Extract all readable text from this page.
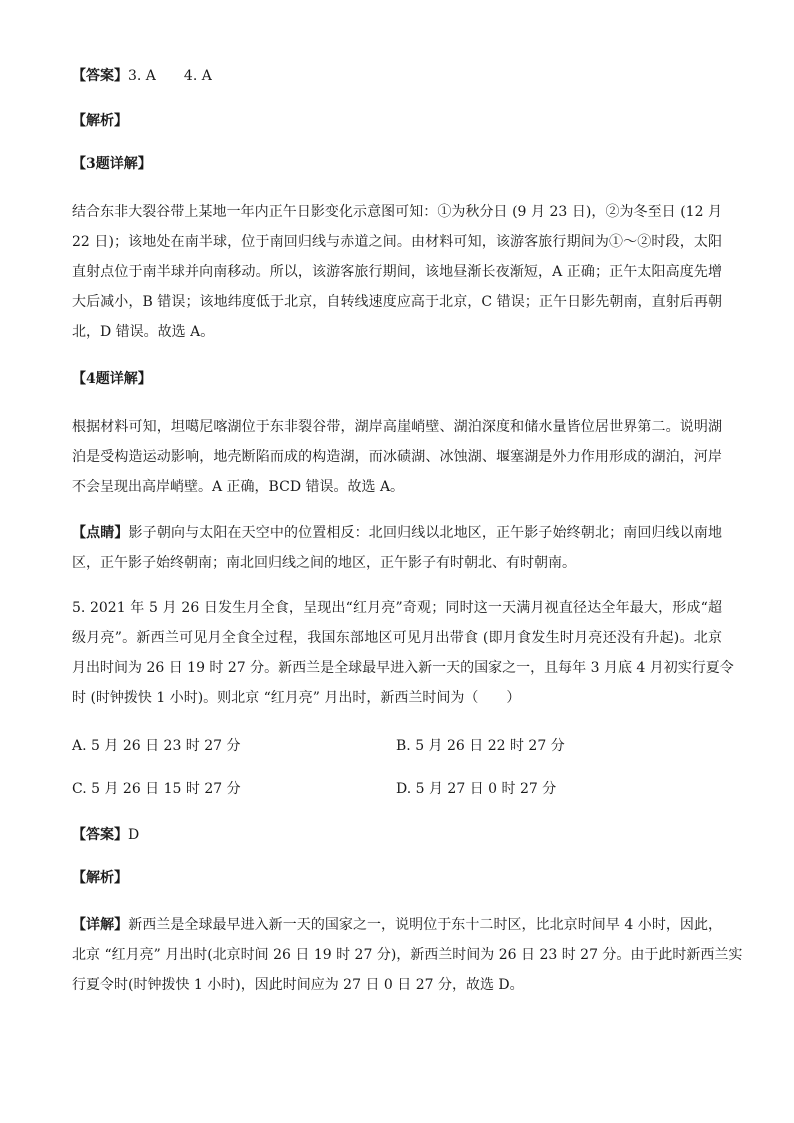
【答案】3. A　　4. A
【解析】
【3题详解】
结合东非大裂谷带上某地一年内正午日影变化示意图可知：①为秋分日 (9 月 23 日)，②为冬至日 (12 月
22 日)；该地处在南半球，位于南回归线与赤道之间。由材料可知，该游客旅行期间为①～②时段，太阳
直射点位于南半球并向南移动。所以，该游客旅行期间，该地昼渐长夜渐短，A 正确；正午太阳高度先增
大后减小，B 错误；该地纬度低于北京，自转线速度应高于北京，C 错误；正午日影先朝南，直射后再朝
北，D 错误。故选 A。
【4题详解】
根据材料可知，坦噶尼喀湖位于东非裂谷带，湖岸高崖峭壁、湖泊深度和储水量皆位居世界第二。说明湖
泊是受构造运动影响，地壳断陷而成的构造湖，而冰碛湖、冰蚀湖、堰塞湖是外力作用形成的湖泊，河岸
不会呈现出高岸峭壁。A 正确，BCD 错误。故选 A。
【点睛】影子朝向与太阳在天空中的位置相反：北回归线以北地区，正午影子始终朝北；南回归线以南地
区，正午影子始终朝南；南北回归线之间的地区，正午影子有时朝北、有时朝南。
5. 2021 年 5 月 26 日发生月全食，呈现出“红月亮”奇观；同时这一天满月视直径达全年最大，形成“超
级月亮”。新西兰可见月全食全过程，我国东部地区可见月出带食 (即月食发生时月亮还没有升起)。北京
月出时间为 26 日 19 时 27 分。新西兰是全球最早进入新一天的国家之一，且每年 3 月底 4 月初实行夏令
时 (时钟拨快 1 小时)。则北京 “红月亮” 月出时，新西兰时间为（　　）
A. 5 月 26 日 23 时 27 分	B. 5 月 26 日 22 时 27 分
C. 5 月 26 日 15 时 27 分	D. 5 月 27 日 0 时 27 分
【答案】D
【解析】
【详解】新西兰是全球最早进入新一天的国家之一，说明位于东十二时区，比北京时间早 4 小时，因此，
北京 “红月亮” 月出时(北京时间 26 日 19 时 27 分)，新西兰时间为 26 日 23 时 27 分。由于此时新西兰实
行夏令时(时钟拨快 1 小时)，因此时间应为 27 日 0 日 27 分，故选 D。
